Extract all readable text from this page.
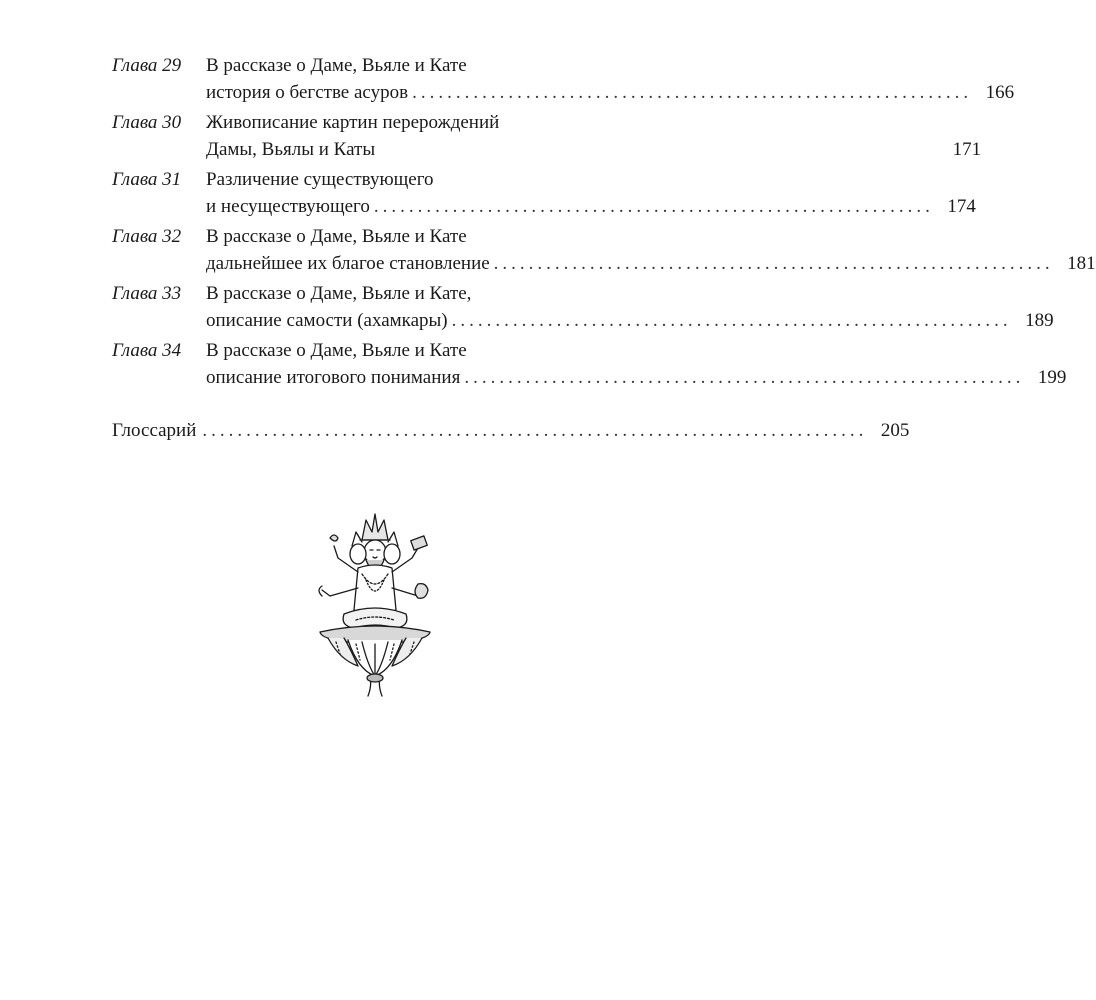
Глава 29	В рассказе о Даме, Вьяле и Кате
история о бегстве асуров ................................................................ 166
Глава 30	Живописание картин перерождений
Дамы, Вьялы и Каты	171
Глава 31	Различение существующего
и несуществующего ................................................................ 174
Глава 32	В рассказе о Даме, Вьяле и Кате
дальнейшее их благое становление ................................................................ 181
Глава 33	В рассказе о Даме, Вьяле и Кате,
описание самости (ахамкары) ................................................................ 189
Глава 34	В рассказе о Даме, Вьяле и Кате
описание итогового понимания ................................................................ 199
Глоссарий ............................................................................ 205
